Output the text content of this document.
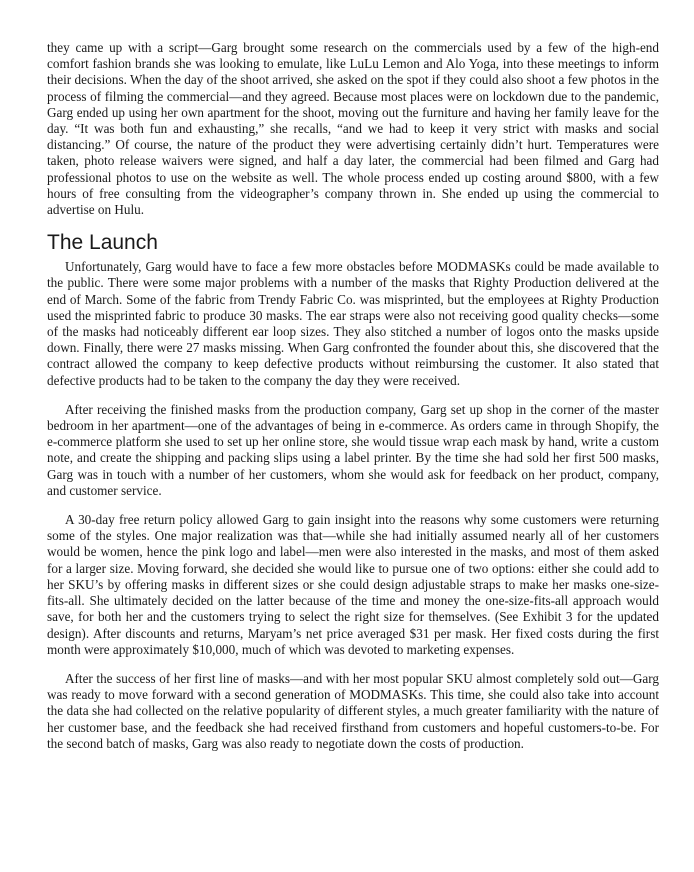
they came up with a script—Garg brought some research on the commercials used by a few of the high-end comfort fashion brands she was looking to emulate, like LuLu Lemon and Alo Yoga, into these meetings to inform their decisions. When the day of the shoot arrived, she asked on the spot if they could also shoot a few photos in the process of filming the commercial—and they agreed. Because most places were on lockdown due to the pandemic, Garg ended up using her own apartment for the shoot, moving out the furniture and having her family leave for the day. “It was both fun and exhausting,” she recalls, “and we had to keep it very strict with masks and social distancing.” Of course, the nature of the product they were advertising certainly didn’t hurt. Temperatures were taken, photo release waivers were signed, and half a day later, the commercial had been filmed and Garg had professional photos to use on the website as well. The whole process ended up costing around $800, with a few hours of free consulting from the videographer’s company thrown in. She ended up using the commercial to advertise on Hulu.

The Launch

Unfortunately, Garg would have to face a few more obstacles before MODMASKs could be made available to the public. There were some major problems with a number of the masks that Righty Production delivered at the end of March. Some of the fabric from Trendy Fabric Co. was misprinted, but the employees at Righty Production used the misprinted fabric to produce 30 masks. The ear straps were also not receiving good quality checks—some of the masks had noticeably different ear loop sizes. They also stitched a number of logos onto the masks upside down. Finally, there were 27 masks missing. When Garg confronted the founder about this, she discovered that the contract allowed the company to keep defective products without reimbursing the customer. It also stated that defective products had to be taken to the company the day they were received.

After receiving the finished masks from the production company, Garg set up shop in the corner of the master bedroom in her apartment—one of the advantages of being in e-commerce. As orders came in through Shopify, the e-commerce platform she used to set up her online store, she would tissue wrap each mask by hand, write a custom note, and create the shipping and packing slips using a label printer. By the time she had sold her first 500 masks, Garg was in touch with a number of her customers, whom she would ask for feedback on her product, company, and customer service.

A 30-day free return policy allowed Garg to gain insight into the reasons why some customers were returning some of the styles. One major realization was that—while she had initially assumed nearly all of her customers would be women, hence the pink logo and label—men were also interested in the masks, and most of them asked for a larger size. Moving forward, she decided she would like to pursue one of two options: either she could add to her SKU’s by offering masks in different sizes or she could design adjustable straps to make her masks one-size-fits-all. She ultimately decided on the latter because of the time and money the one-size-fits-all approach would save, for both her and the customers trying to select the right size for themselves. (See Exhibit 3 for the updated design). After discounts and returns, Maryam’s net price averaged $31 per mask. Her fixed costs during the first month were approximately $10,000, much of which was devoted to marketing expenses.

After the success of her first line of masks—and with her most popular SKU almost completely sold out—Garg was ready to move forward with a second generation of MODMASKs. This time, she could also take into account the data she had collected on the relative popularity of different styles, a much greater familiarity with the nature of her customer base, and the feedback she had received firsthand from customers and hopeful customers-to-be. For the second batch of masks, Garg was also ready to negotiate down the costs of production.
